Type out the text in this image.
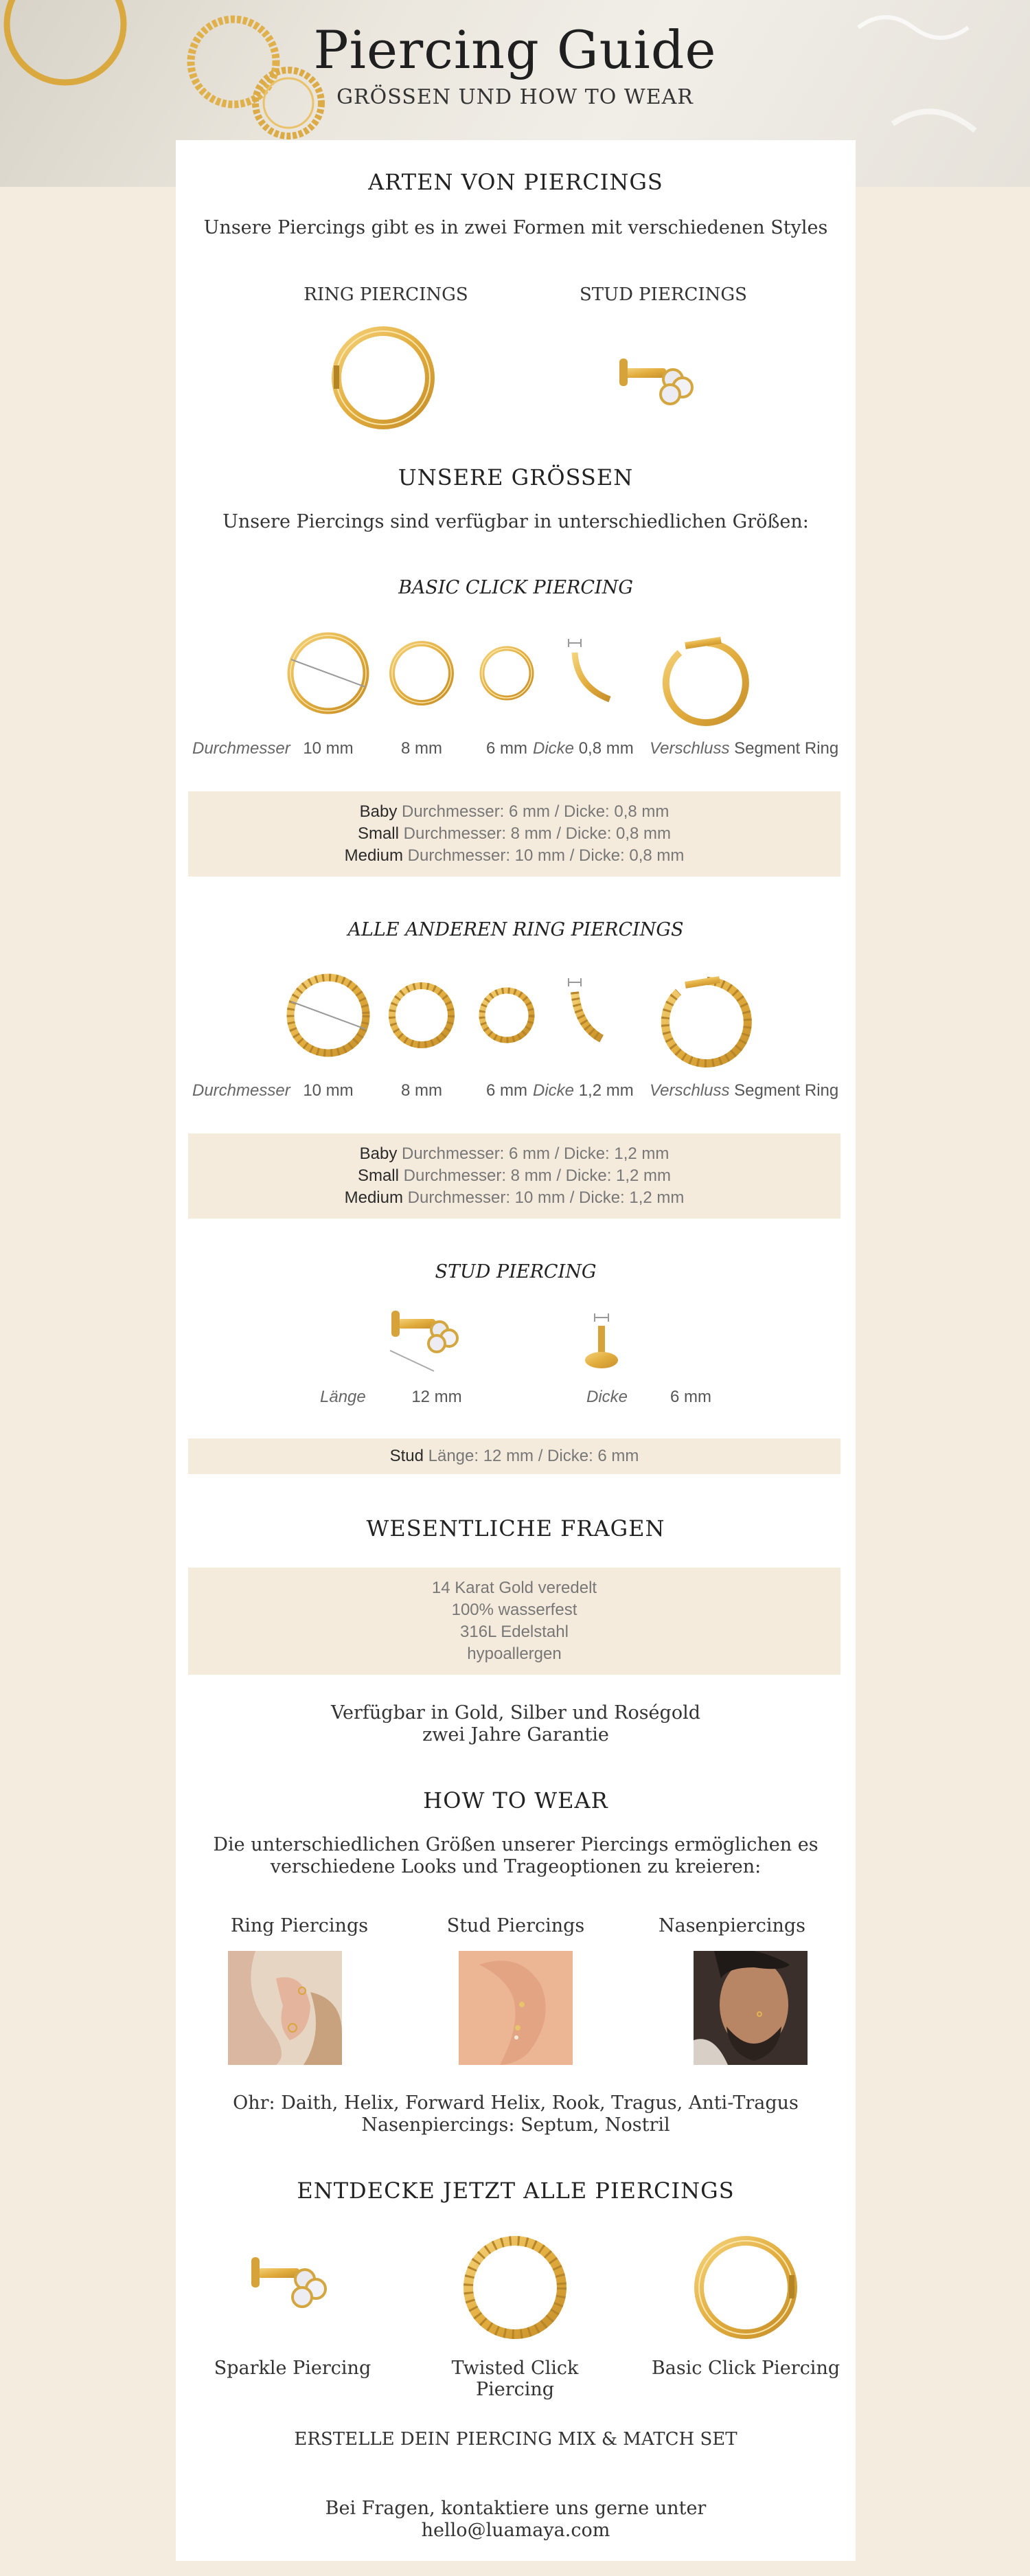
Piercing Guide
GRÖSSEN UND HOW TO WEAR
ARTEN VON PIERCINGS
Unsere Piercings gibt es in zwei Formen mit verschiedenen Styles
RING PIERCINGS	STUD PIERCINGS
UNSERE GRÖSSEN
Unsere Piercings sind verfügbar in unterschiedlichen Größen:
BASIC CLICK PIERCING
Durchmesser 10 mm	8 mm	6 mm Dicke 0,8 mm Verschluss Segment Ring
Baby Durchmesser: 6 mm / Dicke: 0,8 mm
Small Durchmesser: 8 mm / Dicke: 0,8 mm
Medium Durchmesser: 10 mm / Dicke: 0,8 mm
ALLE ANDEREN RING PIERCINGS
Durchmesser 10 mm	8 mm	6 mm Dicke 1,2 mm Verschluss Segment Ring
Baby Durchmesser: 6 mm / Dicke: 1,2 mm
Small Durchmesser: 8 mm / Dicke: 1,2 mm
Medium Durchmesser: 10 mm / Dicke: 1,2 mm
STUD PIERCING
Länge	12 mm	Dicke	6 mm
Stud Länge: 12 mm / Dicke: 6 mm
WESENTLICHE FRAGEN
14 Karat Gold veredelt
100% wasserfest
316L Edelstahl
hypoallergen
Verfügbar in Gold, Silber und Roségold
zwei Jahre Garantie
HOW TO WEAR
Die unterschiedlichen Größen unserer Piercings ermöglichen es
verschiedene Looks und Trageoptionen zu kreieren:
Ring Piercings	Stud Piercings	Nasenpiercings
Ohr: Daith, Helix, Forward Helix, Rook, Tragus, Anti-Tragus
Nasenpiercings: Septum, Nostril
ENTDECKE JETZT ALLE PIERCINGS
Sparkle Piercing	Twisted Click Piercing
Basic Click Piercing
ERSTELLE DEIN PIERCING MIX & MATCH SET
Bei Fragen, kontaktiere uns gerne unter
hello@luamaya.com
